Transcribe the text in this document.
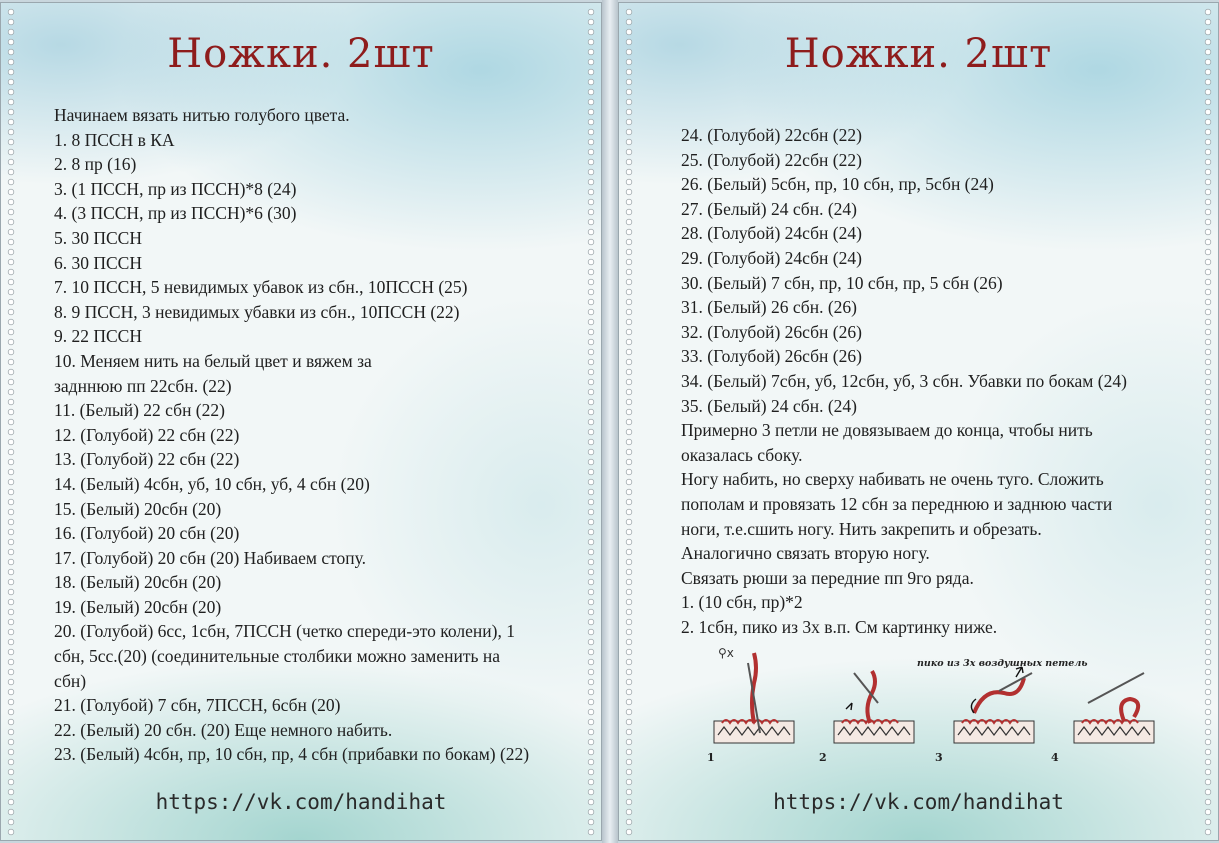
Ножки. 2шт
Начинаем вязать нитью голубого цвета.
1. 8 ПССН в КА
2. 8 пр (16)
3. (1 ПССН, пр из ПССН)*8 (24)
4. (3 ПССН, пр из ПССН)*6 (30)
5. 30 ПССН
6. 30 ПССН
7. 10 ПССН, 5 невидимых убавок из сбн., 10ПССН (25)
8. 9 ПССН, 3 невидимых убавки из сбн., 10ПССН (22)
9. 22 ПССН
10. Меняем нить на белый цвет и вяжем за
задннюю пп 22сбн. (22)
11. (Белый) 22 сбн (22)
12. (Голубой) 22 сбн (22)
13. (Голубой) 22 сбн (22)
14. (Белый) 4сбн, уб, 10 сбн, уб, 4 сбн (20)
15. (Белый) 20сбн (20)
16. (Голубой) 20 сбн (20)
17. (Голубой) 20 сбн (20) Набиваем стопу.
18. (Белый) 20сбн (20)
19. (Белый) 20сбн (20)
20. (Голубой) 6сс, 1сбн, 7ПССН (четко спереди-это колени), 1
сбн, 5сс.(20) (соединительные столбики можно заменить на
сбн)
21. (Голубой) 7 сбн, 7ПССН, 6сбн (20)
22. (Белый) 20 сбн. (20) Еще немного набить.
23. (Белый) 4сбн, пр, 10 сбн, пр, 4 сбн (прибавки по бокам) (22)
https://vk.com/handihat
Ножки. 2шт
24. (Голубой) 22сбн (22)
25. (Голубой) 22сбн (22)
26. (Белый) 5сбн, пр, 10 сбн, пр, 5сбн (24)
27. (Белый) 24 сбн. (24)
28. (Голубой) 24сбн (24)
29. (Голубой) 24сбн (24)
30. (Белый) 7 сбн, пр, 10 сбн, пр, 5 сбн (26)
31. (Белый) 26 сбн. (26)
32. (Голубой) 26сбн (26)
33. (Голубой) 26сбн (26)
34. (Белый) 7сбн, уб, 12сбн, уб, 3 сбн. Убавки по бокам (24)
35. (Белый) 24 сбн. (24)
Примерно 3 петли не довязываем до конца, чтобы нить
оказалась сбоку.
Ногу набить, но сверху набивать не очень туго. Сложить
пополам и провязать 12 сбн за переднюю и заднюю части
ноги, т.е.сшить ногу. Нить закрепить и обрезать.
Аналогично связать вторую ногу.
Связать рюши за передние пп 9го ряда.
1. (10 сбн, пр)*2
2. 1сбн, пико из 3х в.п. См картинку ниже.
пико из 3х воздушных петель
⚲x
1	2	3	4
https://vk.com/handihat
